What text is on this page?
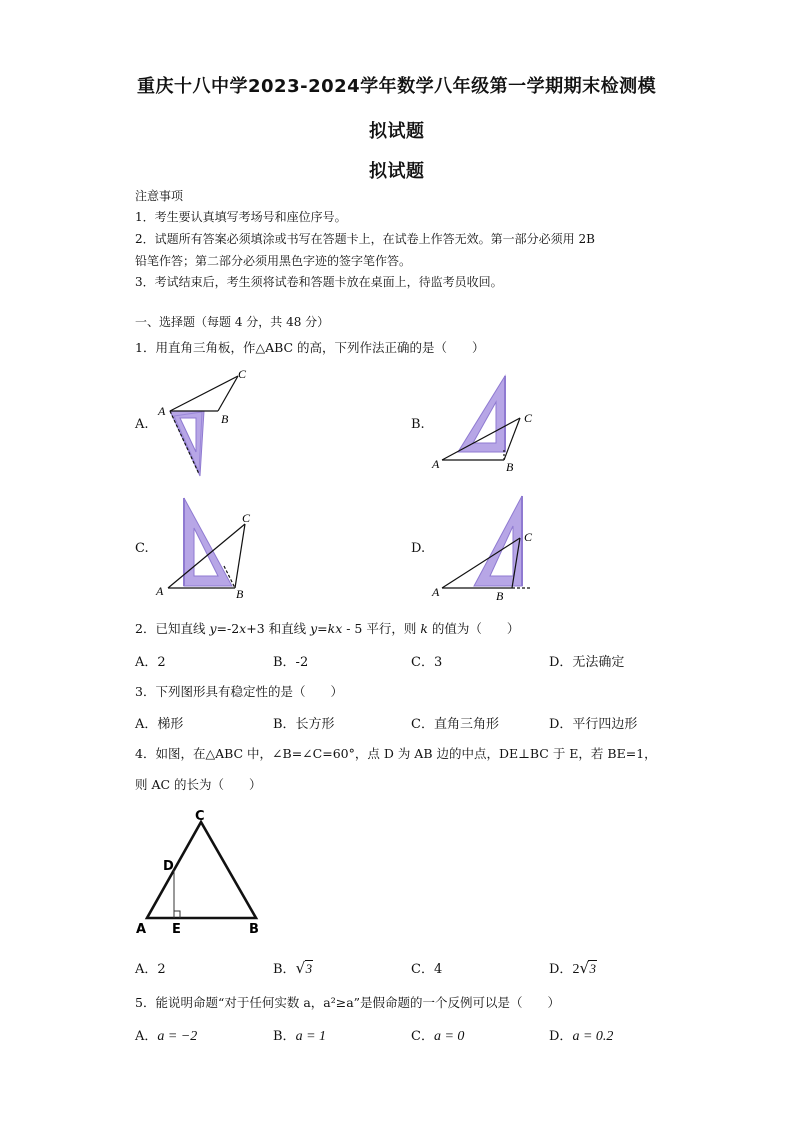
重庆十八中学2023-2024学年数学八年级第一学期期末检测模
拟试题
拟试题
注意事项
1．考生要认真填写考场号和座位序号。
2．试题所有答案必须填涂或书写在答题卡上，在试卷上作答无效。第一部分必须用 2B
铅笔作答；第二部分必须用黑色字迹的签字笔作答。
3．考试结束后，考生须将试卷和答题卡放在桌面上，待监考员收回。
一、选择题（每题 4 分，共 48 分）
1．用直角三角板，作△ABC 的高，下列作法正确的是（　　）
A.
A
B
C
B.
A	B
C
C.
A	B
C
D.
A	B
C
2．已知直线 y=-2x+3 和直线 y=kx - 5 平行，则 k 的值为（　　）
A．2	B．-2	C．3	D．无法确定
3．下列图形具有稳定性的是（　　）
A．梯形	B．长方形	C．直角三角形	D．平行四边形
4．如图，在△ABC 中，∠B=∠C=60°，点 D 为 AB 边的中点，DE⊥BC 于 E，若 BE=1，
则 AC 的长为（　　）
C
D
A E	B
A．2	B． √ 3	C．4	D．2 √ 3
5．能说明命题“对于任何实数 a，a²≥a”是假命题的一个反例可以是（　　）
A．a = −2	B．a = 1	C．a = 0	D．a = 0.2
